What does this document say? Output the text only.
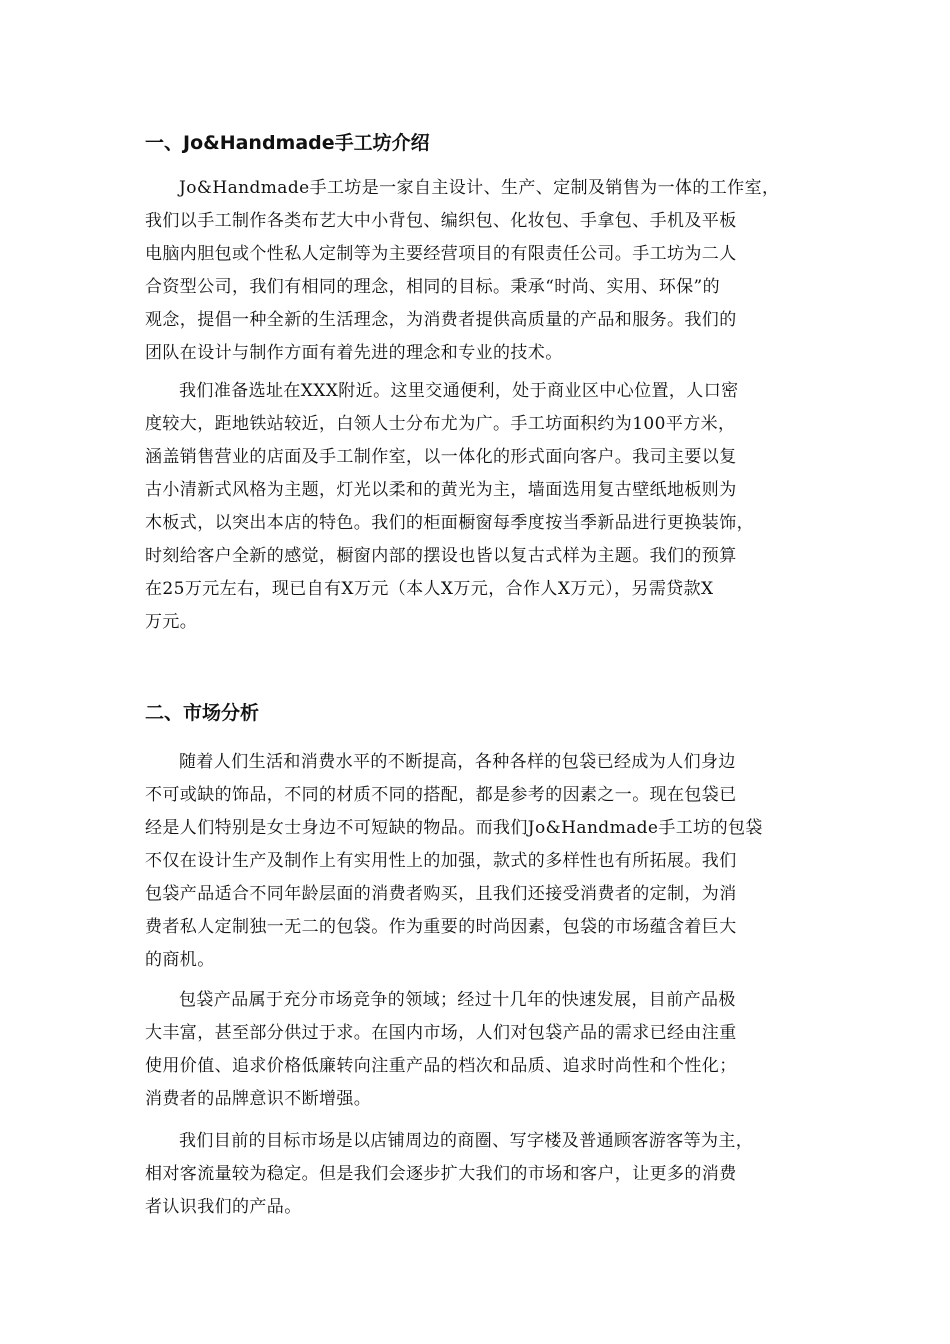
一、Jo&Handmade手工坊介绍
Jo&Handmade手工坊是一家自主设计、生产、定制及销售为一体的工作室，
我们以手工制作各类布艺大中小背包、编织包、化妆包、手拿包、手机及平板
电脑内胆包或个性私人定制等为主要经营项目的有限责任公司。手工坊为二人
合资型公司，我们有相同的理念，相同的目标。秉承“时尚、实用、环保”的
观念，提倡一种全新的生活理念，为消费者提供高质量的产品和服务。我们的
团队在设计与制作方面有着先进的理念和专业的技术。
我们准备选址在XXX附近。这里交通便利，处于商业区中心位置，人口密
度较大，距地铁站较近，白领人士分布尤为广。手工坊面积约为100平方米，
涵盖销售营业的店面及手工制作室，以一体化的形式面向客户。我司主要以复
古小清新式风格为主题，灯光以柔和的黄光为主，墙面选用复古壁纸地板则为
木板式，以突出本店的特色。我们的柜面橱窗每季度按当季新品进行更换装饰，
时刻给客户全新的感觉，橱窗内部的摆设也皆以复古式样为主题。我们的预算
在25万元左右，现已自有X万元（本人X万元，合作人X万元），另需贷款X
万元。
二、市场分析
随着人们生活和消费水平的不断提高，各种各样的包袋已经成为人们身边
不可或缺的饰品，不同的材质不同的搭配，都是参考的因素之一。现在包袋已
经是人们特别是女士身边不可短缺的物品。而我们Jo&Handmade手工坊的包袋
不仅在设计生产及制作上有实用性上的加强，款式的多样性也有所拓展。我们
包袋产品适合不同年龄层面的消费者购买，且我们还接受消费者的定制，为消
费者私人定制独一无二的包袋。作为重要的时尚因素，包袋的市场蕴含着巨大
的商机。
包袋产品属于充分市场竞争的领域；经过十几年的快速发展，目前产品极
大丰富，甚至部分供过于求。在国内市场，人们对包袋产品的需求已经由注重
使用价值、追求价格低廉转向注重产品的档次和品质、追求时尚性和个性化；
消费者的品牌意识不断增强。
我们目前的目标市场是以店铺周边的商圈、写字楼及普通顾客游客等为主，
相对客流量较为稳定。但是我们会逐步扩大我们的市场和客户，让更多的消费
者认识我们的产品。
